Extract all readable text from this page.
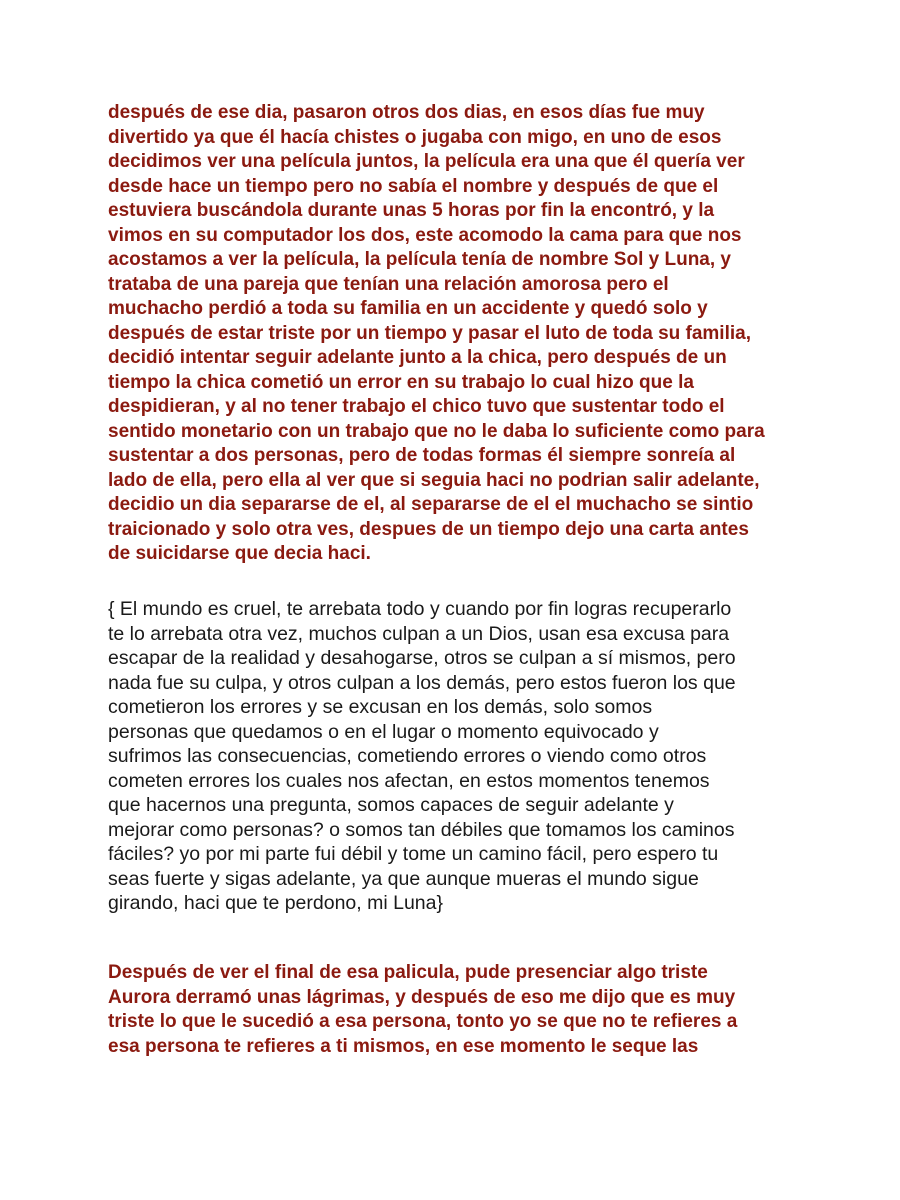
después de ese dia, pasaron otros dos dias, en esos días fue muy
divertido ya que él hacía chistes o jugaba con migo, en uno de esos
decidimos ver una película juntos, la película era una que él quería ver
desde hace un tiempo pero no sabía el nombre y después de que el
estuviera buscándola durante unas 5 horas por fin la encontró, y la
vimos en su computador los dos, este acomodo la cama para que nos
acostamos a ver la película, la película tenía de nombre Sol y Luna, y
trataba de una pareja que tenían una relación amorosa pero el
muchacho perdió a toda su familia en un accidente y quedó solo y
después de estar triste por un tiempo y pasar el luto de toda su familia,
decidió intentar seguir adelante junto a la chica, pero después de un
tiempo la chica cometió un error en su trabajo lo cual hizo que la
despidieran, y al no tener trabajo el chico tuvo que sustentar todo el
sentido monetario con un trabajo que no le daba lo suficiente como para
sustentar a dos personas, pero de todas formas él siempre sonreía al
lado de ella, pero ella al ver que si seguia haci no podrian salir adelante,
decidio un dia separarse de el, al separarse de el el muchacho se sintio
traicionado y solo otra ves, despues de un tiempo dejo una carta antes
de suicidarse que decia haci.

{ El mundo es cruel, te arrebata todo y cuando por fin logras recuperarlo
te lo arrebata otra vez, muchos culpan a un Dios, usan esa excusa para
escapar de la realidad y desahogarse, otros se culpan a sí mismos, pero
nada fue su culpa, y otros culpan a los demás, pero estos fueron los que
cometieron los errores y se excusan en los demás, solo somos
personas que quedamos o en el lugar o momento equivocado y
sufrimos las consecuencias, cometiendo errores o viendo como otros
cometen errores los cuales nos afectan, en estos momentos tenemos
que hacernos una pregunta, somos capaces de seguir adelante y
mejorar como personas? o somos tan débiles que tomamos los caminos
fáciles? yo por mi parte fui débil y tome un camino fácil, pero espero tu
seas fuerte y sigas adelante, ya que aunque mueras el mundo sigue
girando, haci que te perdono, mi Luna}

Después de ver el final de esa palicula, pude presenciar algo triste
Aurora derramó unas lágrimas, y después de eso me dijo que es muy
triste lo que le sucedió a esa persona, tonto yo se que no te refieres a
esa persona te refieres a ti mismos, en ese momento le seque las
